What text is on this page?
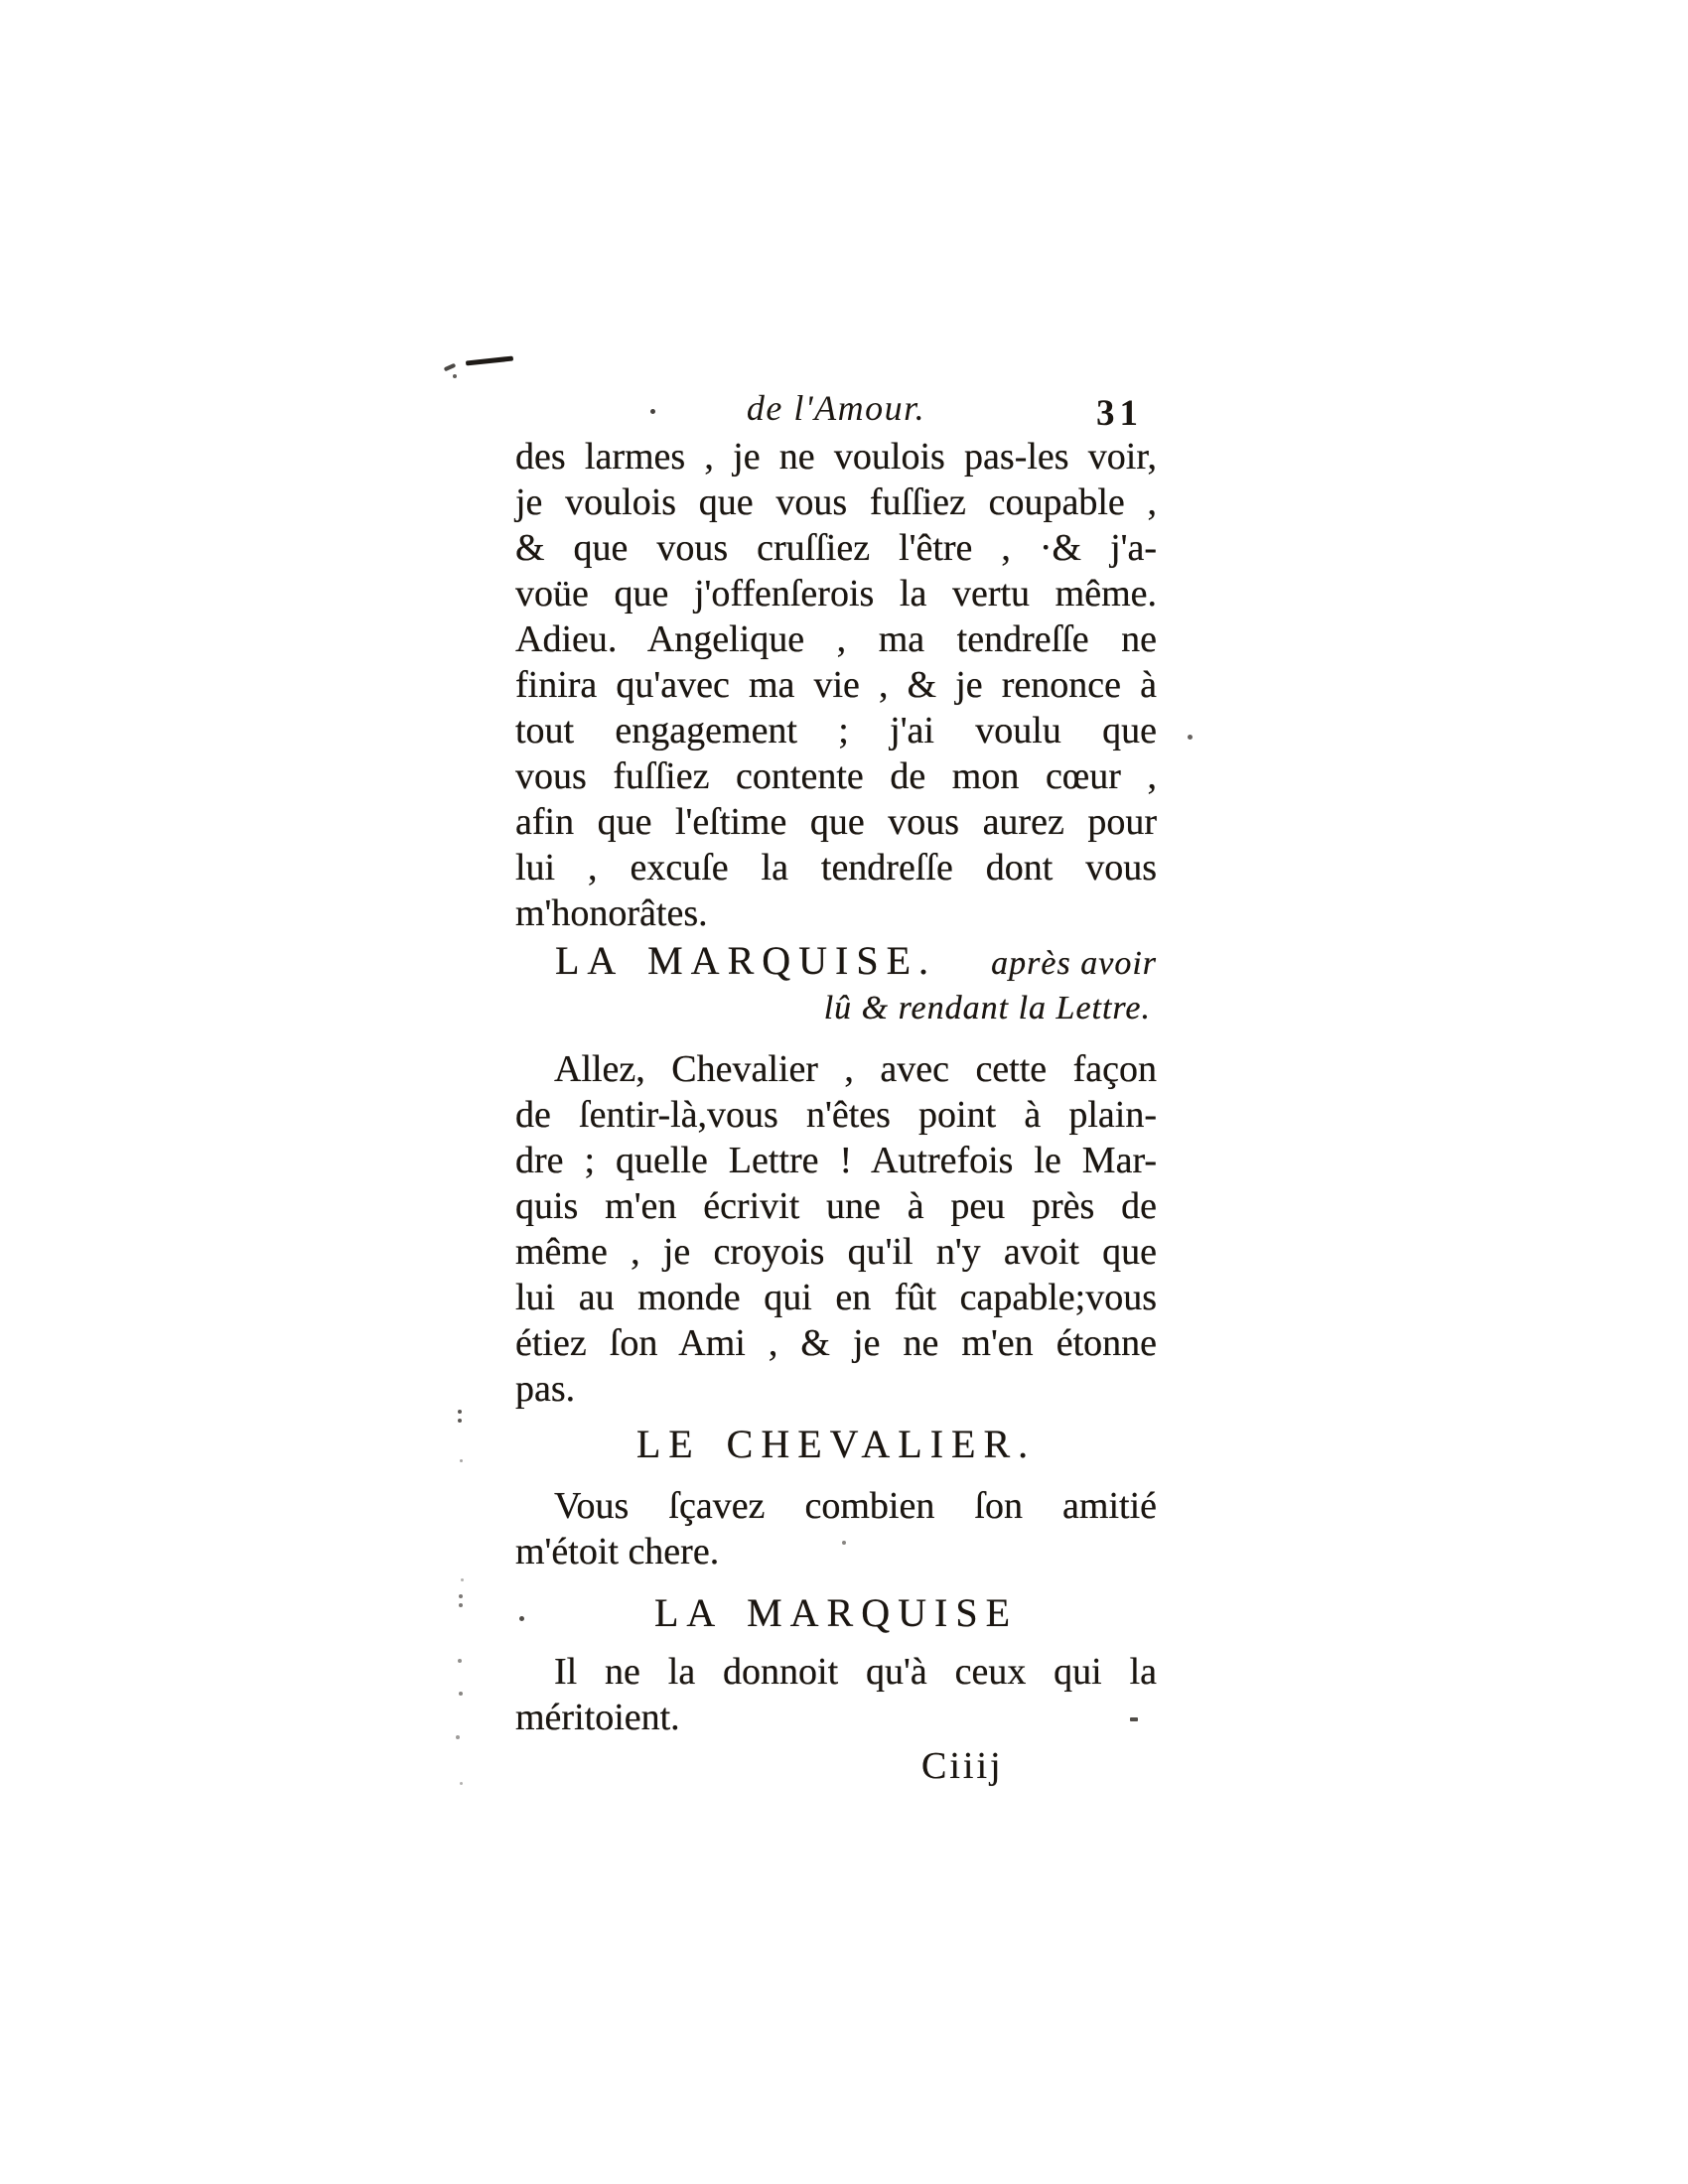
de l'Amour.	31
des larmes , je ne voulois pas-les voir,
je voulois que vous fuſſiez coupable ,
& que vous cruſſiez l'être , ·& j'a-
voüe que j'offenſerois la vertu même.
Adieu. Angelique , ma tendreſſe ne
finira qu'avec ma vie , & je renonce à
tout engagement ; j'ai voulu que
vous fuſſiez contente de mon cœur ,
afin que l'eſtime que vous aurez pour
lui , excuſe la tendreſſe dont vous
m'honorâtes.
LA MARQUISE. après avoir
lû & rendant la Lettre.
Allez, Chevalier , avec cette façon
de ſentir-là,vous n'êtes point à plain-
dre ; quelle Lettre ! Autrefois le Mar-
quis m'en écrivit une à peu près de
même , je croyois qu'il n'y avoit que
lui au monde qui en fût capable;vous
étiez ſon Ami , & je ne m'en étonne
pas.
LE CHEVALIER.
Vous ſçavez combien ſon amitié
m'étoit chere.
LA MARQUISE
Il ne la donnoit qu'à ceux qui la
méritoient.
Ciiij
